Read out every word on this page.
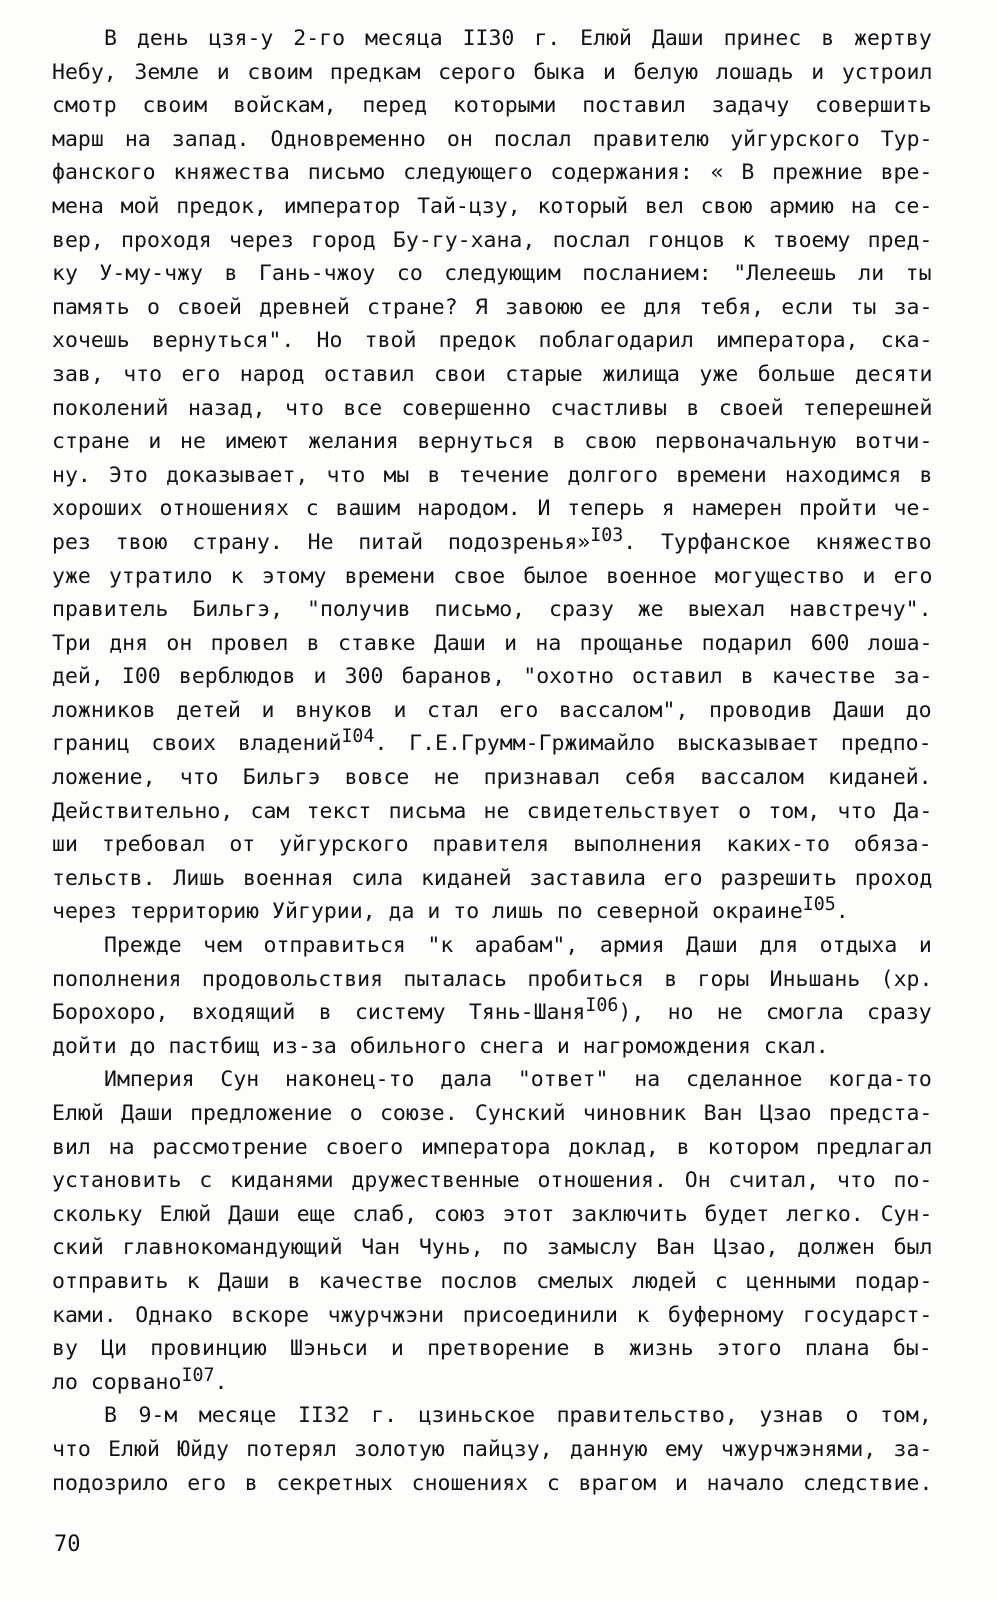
В день цзя-у 2-го месяца II30 г. Елюй Даши принес в жертву
Небу, Земле и своим предкам серого быка и белую лошадь и устроил
смотр своим войскам, перед которыми поставил задачу совершить
марш на запад. Одновременно он послал правителю уйгурского Тур-
фанского княжества письмо следующего содержания: « В прежние вре-
мена мой предок, император Тай-цзу, который вел свою армию на се-
вер, проходя через город Бу-гу-хана, послал гонцов к твоему пред-
ку У-му-чжу в Гань-чжоу со следующим посланием: "Лелеешь ли ты
память о своей древней стране? Я завоюю ее для тебя, если ты за-
хочешь вернуться". Но твой предок поблагодарил императора, ска-
зав, что его народ оставил свои старые жилища уже больше десяти
поколений назад, что все совершенно счастливы в своей теперешней
стране и не имеют желания вернуться в свою первоначальную вотчи-
ну. Это доказывает, что мы в течение долгого времени находимся в
хороших отношениях с вашим народом. И теперь я намерен пройти че-
рез твою страну. Не питай подозренья»$^{I03}$. Турфанское княжество
уже утратило к этому времени свое былое военное могущество и его
правитель Бильгэ, "получив письмо, сразу же выехал навстречу".
Три дня он провел в ставке Даши и на прощанье подарил 600 лоша-
дей, I00 верблюдов и 300 баранов, "охотно оставил в качестве за-
ложников детей и внуков и стал его вассалом", проводив Даши до
границ своих владений$^{I04}$. Г.Е.Грумм-Гржимайло высказывает предпо-
ложение, что Бильгэ вовсе не признавал себя вассалом киданей.
Действительно, сам текст письма не свидетельствует о том, что Да-
ши требовал от уйгурского правителя выполнения каких-то обяза-
тельств. Лишь военная сила киданей заставила его разрешить проход
через территорию Уйгурии, да и то лишь по северной окраине$^{I05}$.
Прежде чем отправиться "к арабам", армия Даши для отдыха и
пополнения продовольствия пыталась пробиться в горы Иньшань (хр.
Борохоро, входящий в систему Тянь-Шаня$^{I06}$), но не смогла сразу
дойти до пастбищ из-за обильного снега и нагромождения скал.
Империя Сун наконец-то дала "ответ" на сделанное когда-то
Елюй Даши предложение о союзе. Сунский чиновник Ван Цзао предста-
вил на рассмотрение своего императора доклад, в котором предлагал
установить с киданями дружественные отношения. Он считал, что по-
скольку Елюй Даши еще слаб, союз этот заключить будет легко. Сун-
ский главнокомандующий Чан Чунь, по замыслу Ван Цзао, должен был
отправить к Даши в качестве послов смелых людей с ценными подар-
ками. Однако вскоре чжурчжэни присоединили к буферному государст-
ву Ци провинцию Шэньси и претворение в жизнь этого плана бы-
ло сорвано$^{I07}$.
В 9-м месяце II32 г. цзиньское правительство, узнав о том,
что Елюй Юйду потерял золотую пайцзу, данную ему чжурчжэнями, за-
подозрило его в секретных сношениях с врагом и начало следствие.
70
